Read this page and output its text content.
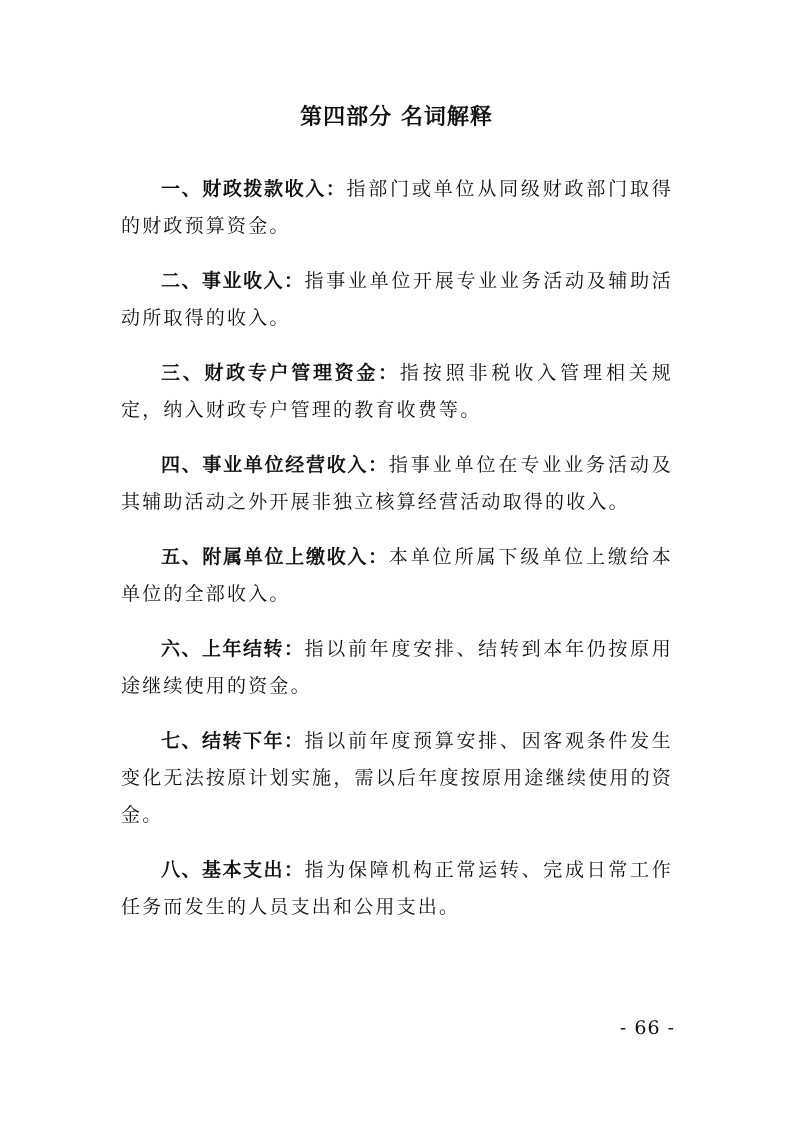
第四部分 名词解释
一、财政拨款收入：指部门或单位从同级财政部门取得的财政预算资金。
二、事业收入：指事业单位开展专业业务活动及辅助活动所取得的收入。
三、财政专户管理资金：指按照非税收入管理相关规定，纳入财政专户管理的教育收费等。
四、事业单位经营收入：指事业单位在专业业务活动及其辅助活动之外开展非独立核算经营活动取得的收入。
五、附属单位上缴收入：本单位所属下级单位上缴给本单位的全部收入。
六、上年结转：指以前年度安排、结转到本年仍按原用途继续使用的资金。
七、结转下年：指以前年度预算安排、因客观条件发生变化无法按原计划实施，需以后年度按原用途继续使用的资金。
八、基本支出：指为保障机构正常运转、完成日常工作任务而发生的人员支出和公用支出。
- 66 -
